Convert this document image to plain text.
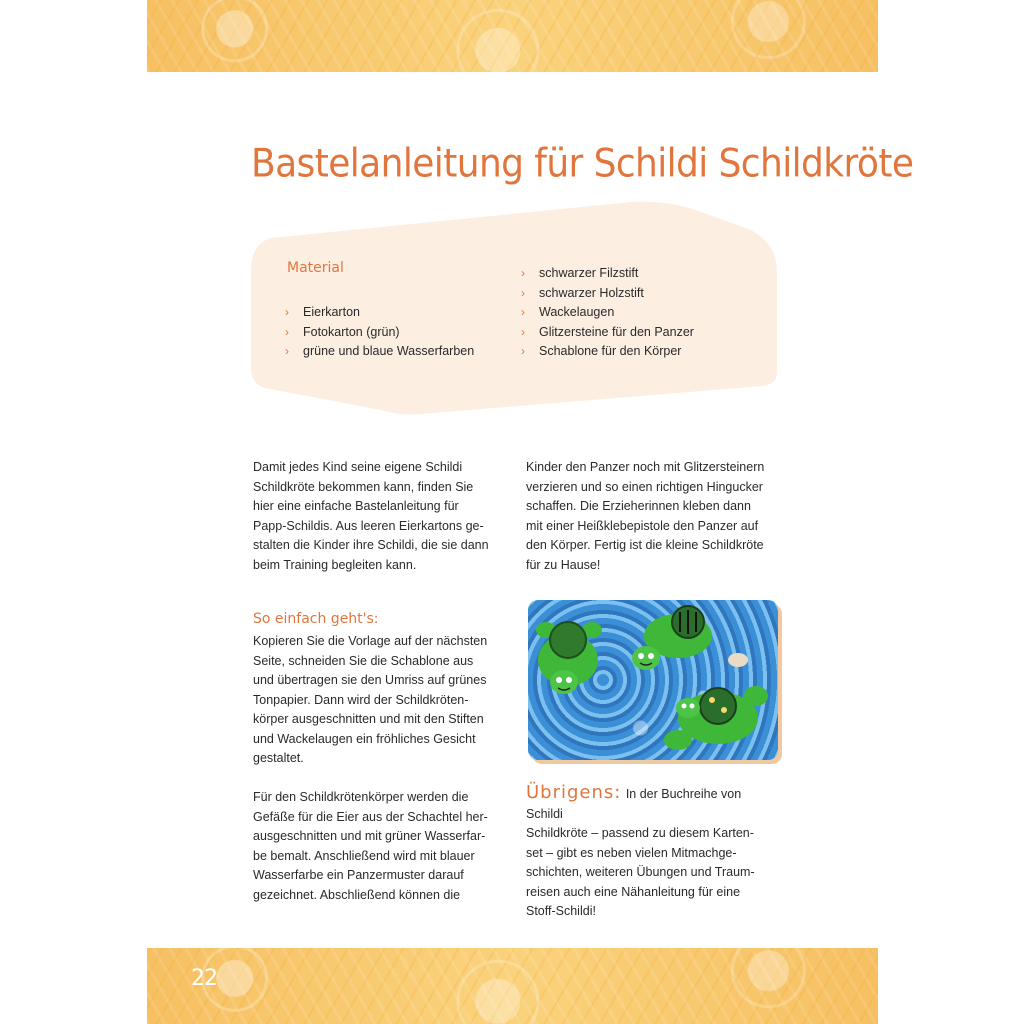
Bastelanleitung für Schildi Schildkröte
Material
› Eierkarton
› Fotokarton (grün)
› grüne und blaue Wasserfarben
› schwarzer Filzstift
› schwarzer Holzstift
› Wackelaugen
› Glitzersteine für den Panzer
› Schablone für den Körper

Damit jedes Kind seine eigene Schildi
Schildkröte bekommen kann, finden Sie
hier eine einfache Bastelanleitung für
Papp-Schildis. Aus leeren Eierkartons ge-
stalten die Kinder ihre Schildi, die sie dann
beim Training begleiten kann.

Kinder den Panzer noch mit Glitzersteinern
verzieren und so einen richtigen Hingucker
schaffen. Die Erzieherinnen kleben dann
mit einer Heißklebepistole den Panzer auf
den Körper. Fertig ist die kleine Schildkröte
für zu Hause!

So einfach geht's:

Kopieren Sie die Vorlage auf der nächsten
Seite, schneiden Sie die Schablone aus
und übertragen sie den Umriss auf grünes
Tonpapier. Dann wird der Schildkröten-
körper ausgeschnitten und mit den Stiften
und Wackelaugen ein fröhliches Gesicht
gestaltet.

Für den Schildkrötenkörper werden die
Gefäße für die Eier aus der Schachtel her-
ausgeschnitten und mit grüner Wasserfar-
be bemalt. Anschließend wird mit blauer
Wasserfarbe ein Panzermuster darauf
gezeichnet. Abschließend können die

Übrigens: In der Buchreihe von Schildi
Schildkröte – passend zu diesem Karten-
set – gibt es neben vielen Mitmachge-
schichten, weiteren Übungen und Traum-
reisen auch eine Nähanleitung für eine
Stoff-Schildi!
22
